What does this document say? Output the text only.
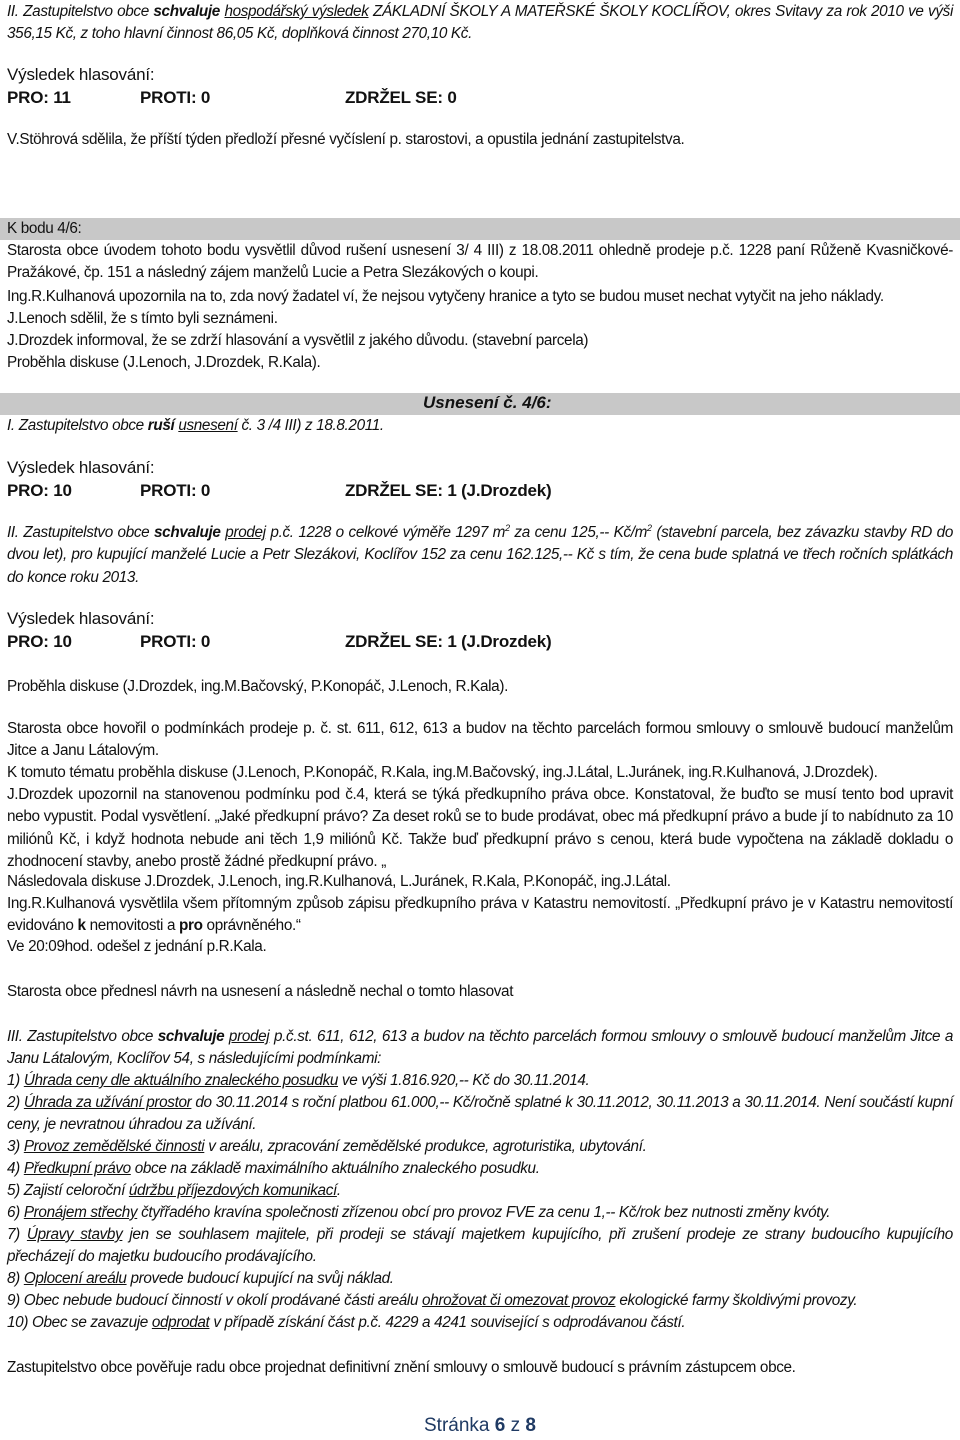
II. Zastupitelstvo obce schvaluje hospodářský výsledek ZÁKLADNÍ ŠKOLY A MATEŘSKÉ ŠKOLY KOCLÍŘOV, okres Svitavy za rok 2010 ve výši 356,15 Kč, z toho hlavní činnost 86,05 Kč, doplňková činnost 270,10 Kč.

Výsledek hlasování:
PRO: 11	PROTI: 0	ZDRŽEL SE: 0

V.Stöhrová sdělila, že příští týden předloží přesné vyčíslení p. starostovi, a opustila jednání zastupitelstva.

K bodu 4/6:

Starosta obce úvodem tohoto bodu vysvětlil důvod rušení usnesení 3/ 4 III) z 18.08.2011 ohledně prodeje p.č. 1228 paní Růženě Kvasničkové-Pražákové, čp. 151 a následný zájem manželů Lucie a Petra Slezákových o koupi.

Ing.R.Kulhanová upozornila na to, zda nový žadatel ví, že nejsou vytyčeny hranice a tyto se budou muset nechat vytyčit na jeho náklady.

J.Lenoch sdělil, že s tímto byli seznámeni.

J.Drozdek informoval, že se zdrží hlasování a vysvětlil z jakého důvodu. (stavební parcela)

Proběhla diskuse (J.Lenoch, J.Drozdek, R.Kala).

Usnesení č. 4/6:

I. Zastupitelstvo obce ruší usnesení č. 3 /4 III) z 18.8.2011.

Výsledek hlasování:
PRO: 10	PROTI: 0	ZDRŽEL SE: 1 (J.Drozdek)

II. Zastupitelstvo obce schvaluje prodej p.č. 1228 o celkové výměře 1297 $m^2$ za cenu 125,-- $Kč/m^2$ (stavební parcela, bez závazku stavby RD do dvou let), pro kupující manželé Lucie a Petr Slezákovi, Koclířov 152 za cenu 162.125,-- Kč s tím, že cena bude splatná ve třech ročních splátkách do konce roku 2013.

Výsledek hlasování:
PRO: 10	PROTI: 0	ZDRŽEL SE: 1 (J.Drozdek)

Proběhla diskuse (J.Drozdek, ing.M.Bačovský, P.Konopáč, J.Lenoch, R.Kala).

Starosta obce hovořil o podmínkách prodeje p. č. st. 611, 612, 613 a budov na těchto parcelách formou smlouvy o smlouvě budoucí manželům Jitce a Janu Látalovým.

K tomuto tématu proběhla diskuse (J.Lenoch, P.Konopáč, R.Kala, ing.M.Bačovský, ing.J.Látal, L.Juránek, ing.R.Kulhanová, J.Drozdek).

J.Drozdek upozornil na stanovenou podmínku pod č.4, která se týká předkupního práva obce. Konstatoval, že buďto se musí tento bod upravit nebo vypustit. Podal vysvětlení. „Jaké předkupní právo? Za deset roků se to bude prodávat, obec má předkupní právo a bude jí to nabídnuto za 10 miliónů Kč, i když hodnota nebude ani těch 1,9 miliónů Kč. Takže buď předkupní právo s cenou, která bude vypočtena na základě dokladu o zhodnocení stavby, anebo prostě žádné předkupní právo. „

Následovala diskuse J.Drozdek, J.Lenoch, ing.R.Kulhanová, L.Juránek, R.Kala, P.Konopáč, ing.J.Látal.

Ing.R.Kulhanová vysvětlila všem přítomným způsob zápisu předkupního práva v Katastru nemovitostí. „Předkupní právo je v Katastru nemovitostí evidováno k nemovitosti a pro oprávněného.“

Ve 20:09hod. odešel z jednání p.R.Kala.

Starosta obce přednesl návrh na usnesení a následně nechal o tomto hlasovat

III. Zastupitelstvo obce schvaluje prodej p.č.st. 611, 612, 613 a budov na těchto parcelách formou smlouvy o smlouvě budoucí manželům Jitce a Janu Látalovým, Koclířov 54, s následujícími podmínkami:

1) Úhrada ceny dle aktuálního znaleckého posudku ve výši 1.816.920,-- Kč do 30.11.2014.

2) Úhrada za užívání prostor do 30.11.2014 s roční platbou 61.000,-- Kč/ročně splatné k 30.11.2012, 30.11.2013 a 30.11.2014. Není součástí kupní ceny, je nevratnou úhradou za užívání.

3) Provoz zemědělské činnosti v areálu, zpracování zemědělské produkce, agroturistika, ubytování.

4) Předkupní právo obce na základě maximálního aktuálního znaleckého posudku.

5) Zajistí celoroční údržbu příjezdových komunikací.

6) Pronájem střechy čtyřřadého kravína společnosti zřízenou obcí pro provoz FVE za cenu 1,-- Kč/rok bez nutnosti změny kvóty.

7) Úpravy stavby jen se souhlasem majitele, při prodeji se stávají majetkem kupujícího, při zrušení prodeje ze strany budoucího kupujícího přecházejí do majetku budoucího prodávajícího.

8) Oplocení areálu provede budoucí kupující na svůj náklad.

9) Obec nebude budoucí činností v okolí prodávané části areálu ohrožovat či omezovat provoz ekologické farmy školdivými provozy.

10) Obec se zavazuje odprodat v případě získání část p.č. 4229 a 4241 související s odprodávanou částí.

Zastupitelstvo obce pověřuje radu obce projednat definitivní znění smlouvy o smlouvě budoucí s právním zástupcem obce.

Stránka 6 z 8
